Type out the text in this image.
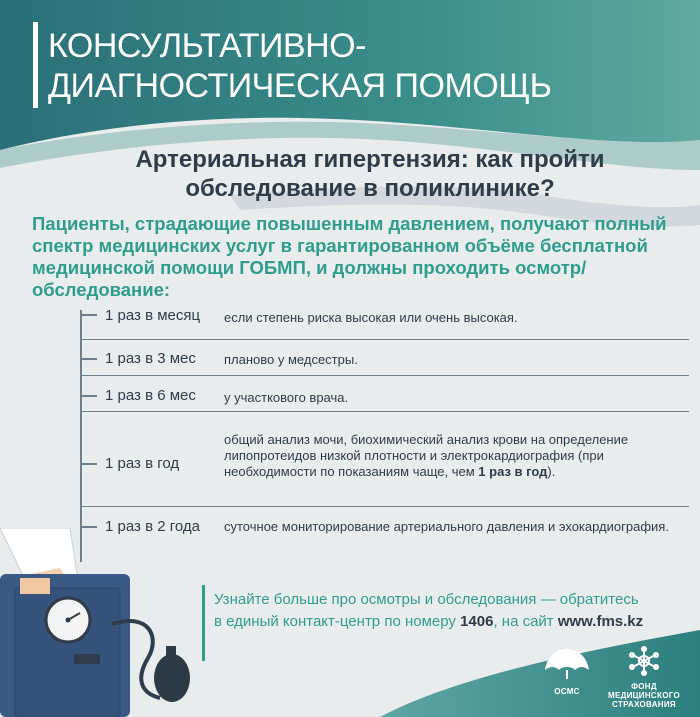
КОНСУЛЬТАТИВНО-ДИАГНОСТИЧЕСКАЯ ПОМОЩЬ
Артериальная гипертензия: как пройти обследование в поликлинике?
Пациенты, страдающие повышенным давлением, получают полный спектр медицинских услуг в гарантированном объёме бесплатной медицинской помощи ГОБМП, и должны проходить осмотр/обследование:
1 раз в месяц если степень риска высокая или очень высокая.
1 раз в 3 мес планово у медсестры.
1 раз в 6 мес у участкового врача.
1 раз в год
общий анализ мочи, биохимический анализ крови на определение липопротеидов низкой плотности и электрокардиография (при необходимости по показаниям чаще, чем 1 раз в год).
1 раз в 2 года суточное мониторирование артериального давления и эхокардиография.
Узнайте больше про осмотры и обследования — обратитесь в единый контакт-центр по номеру 1406, на сайт www.fms.kz
ОСМС
ФОНД
МЕДИЦИНСКОГО
СТРАХОВАНИЯ
